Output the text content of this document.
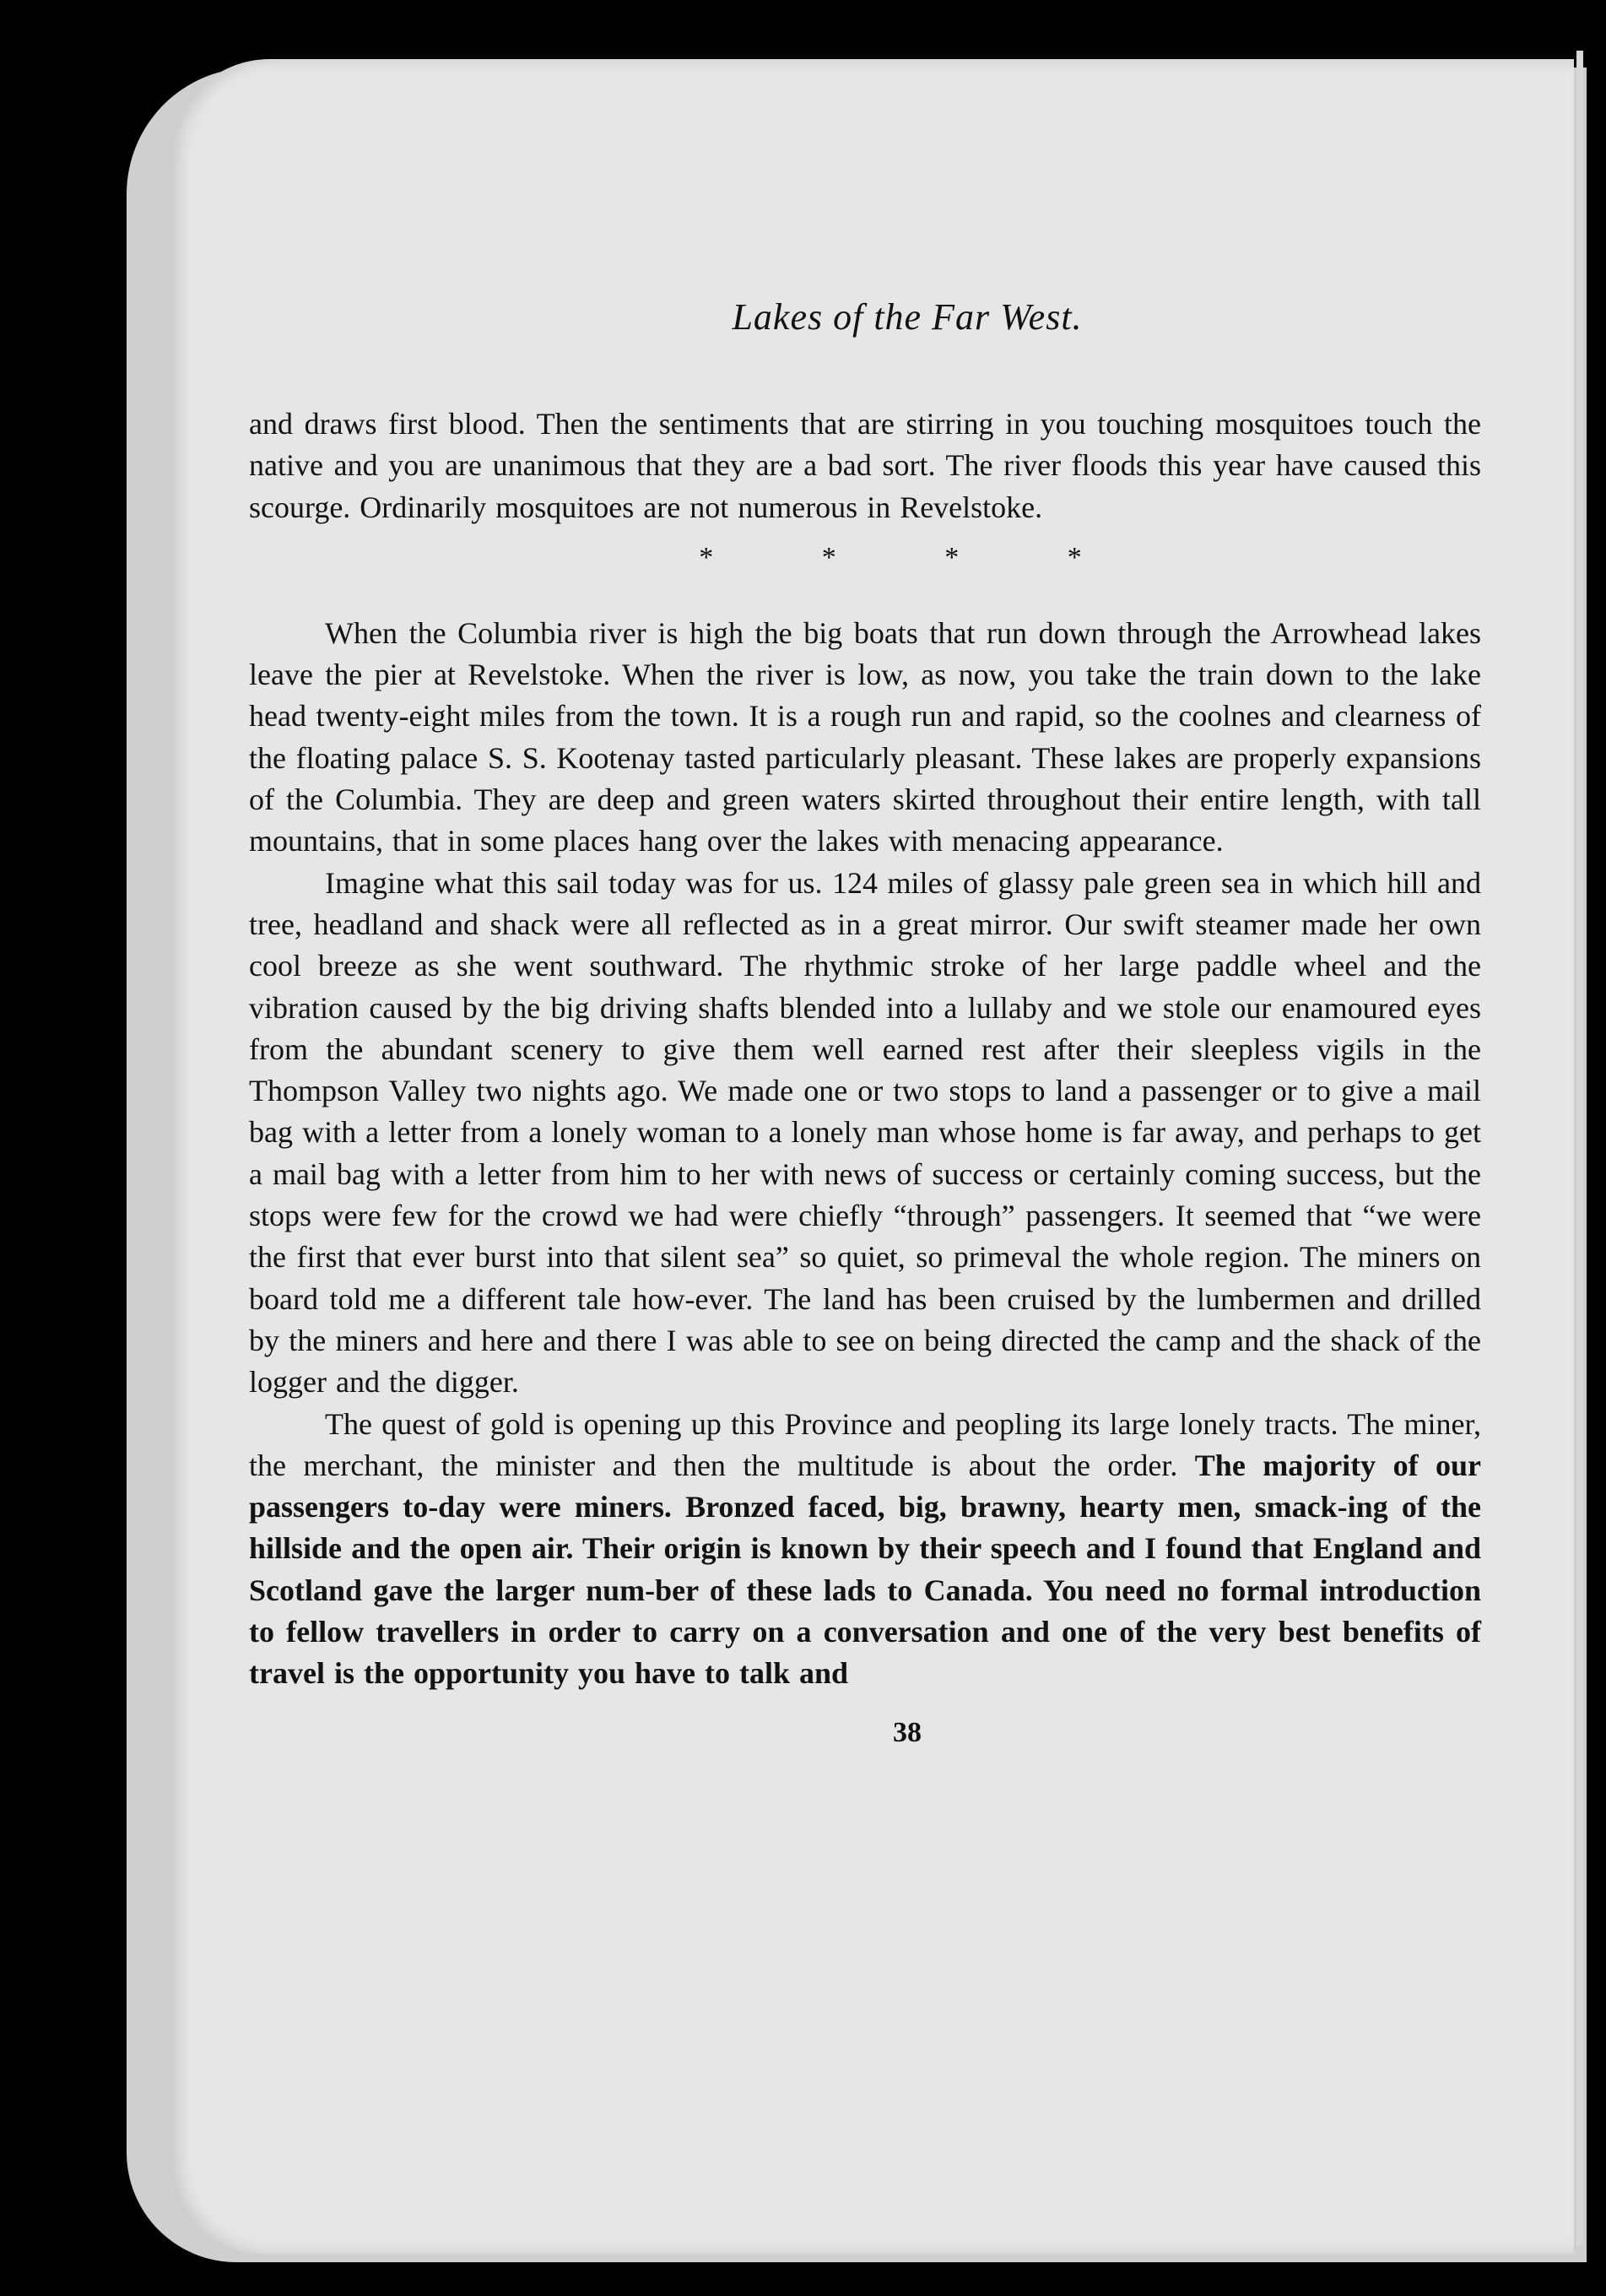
Lakes of the Far West.

and draws first blood. Then the sentiments that are stirring in you touching mosquitoes touch the native and you are unanimous that they are a bad sort. The river floods this year have caused this scourge. Ordinarily mosquitoes are not numerous in Revelstoke.

* * * *

When the Columbia river is high the big boats that run down through the Arrowhead lakes leave the pier at Revelstoke. When the river is low, as now, you take the train down to the lake head twenty-eight miles from the town. It is a rough run and rapid, so the coolnes and clearness of the floating palace S. S. Kootenay tasted particularly pleasant. These lakes are properly expansions of the Columbia. They are deep and green waters skirted throughout their entire length, with tall mountains, that in some places hang over the lakes with menacing appearance.

Imagine what this sail today was for us. 124 miles of glassy pale green sea in which hill and tree, headland and shack were all reflected as in a great mirror. Our swift steamer made her own cool breeze as she went southward. The rhythmic stroke of her large paddle wheel and the vibration caused by the big driving shafts blended into a lullaby and we stole our enamoured eyes from the abundant scenery to give them well earned rest after their sleepless vigils in the Thompson Valley two nights ago. We made one or two stops to land a passenger or to give a mail bag with a letter from a lonely woman to a lonely man whose home is far away, and perhaps to get a mail bag with a letter from him to her with news of success or certainly coming success, but the stops were few for the crowd we had were chiefly “through” passengers. It seemed that “we were the first that ever burst into that silent sea” so quiet, so primeval the whole region. The miners on board told me a different tale how-ever. The land has been cruised by the lumbermen and drilled by the miners and here and there I was able to see on being directed the camp and the shack of the logger and the digger.

The quest of gold is opening up this Province and peopling its large lonely tracts. The miner, the merchant, the minister and then the multitude is about the order. The majority of our passengers to-day were miners. Bronzed faced, big, brawny, hearty men, smack-ing of the hillside and the open air. Their origin is known by their speech and I found that England and Scotland gave the larger num-ber of these lads to Canada. You need no formal introduction to fellow travellers in order to carry on a conversation and one of the very best benefits of travel is the opportunity you have to talk and

38
